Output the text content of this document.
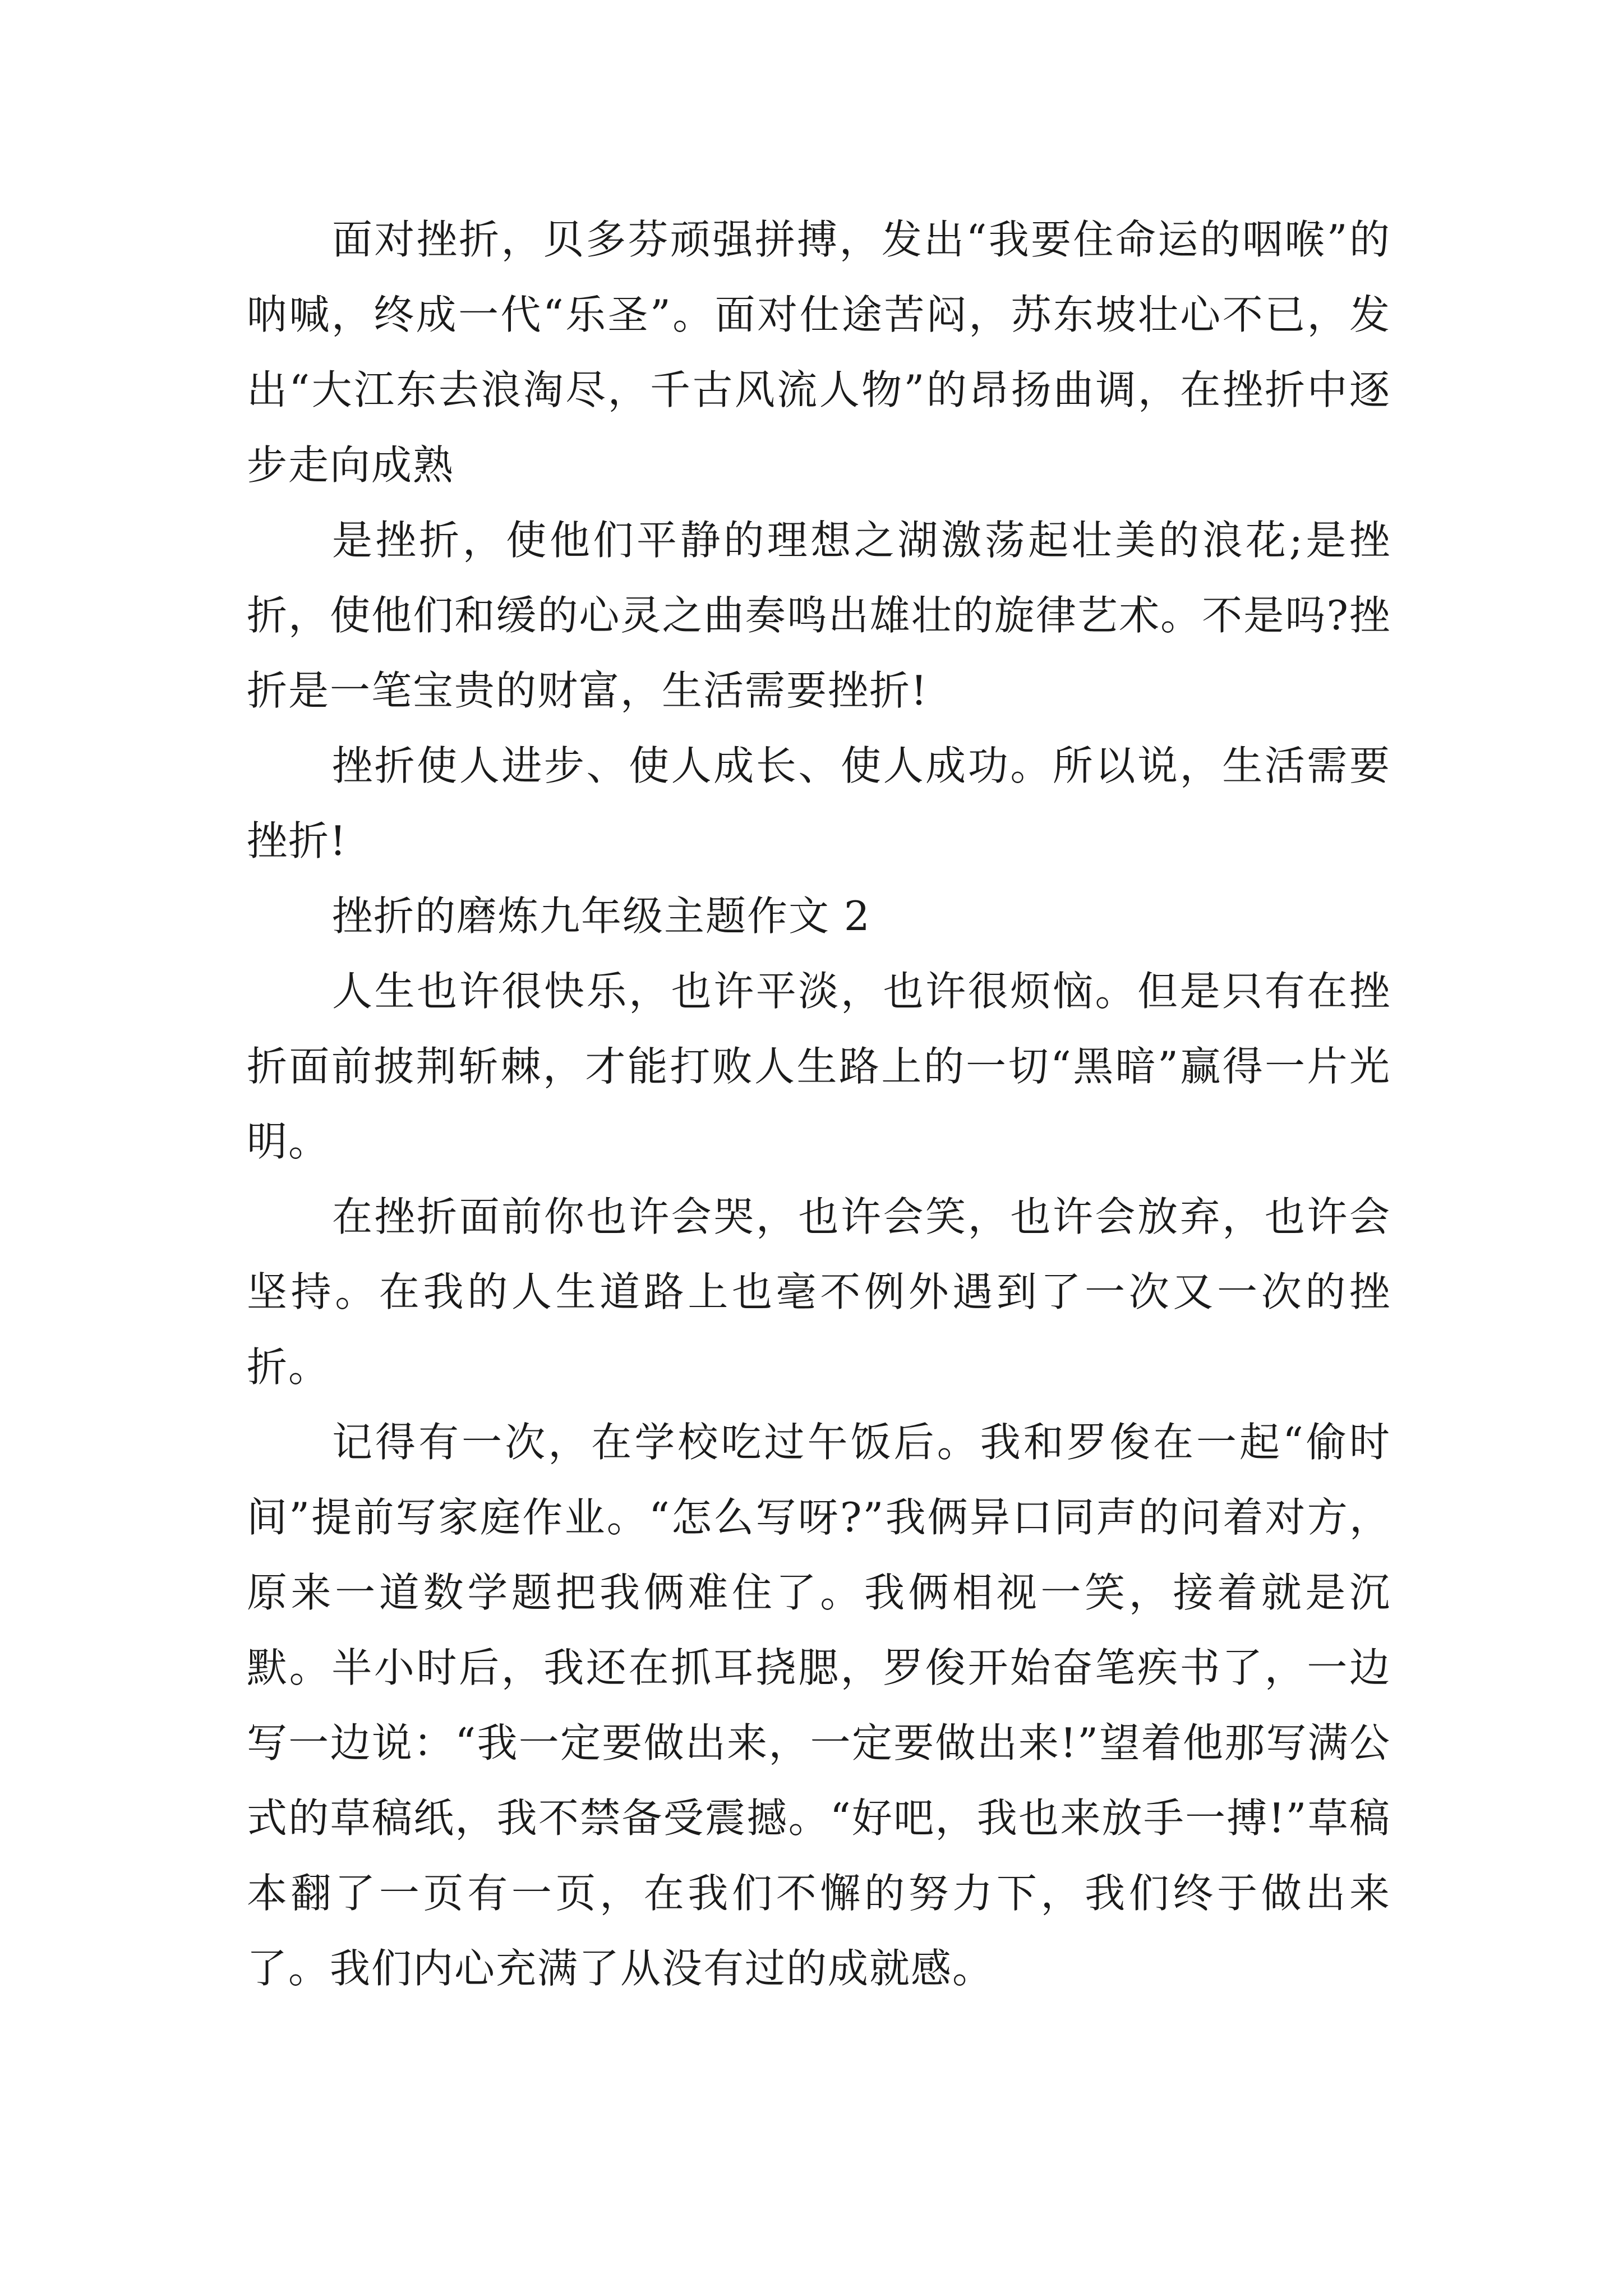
面对挫折，贝多芬顽强拼搏，发出“我要住命运的咽喉”的呐喊，终成一代“乐圣”。面对仕途苦闷，苏东坡壮心不已，发出“大江东去浪淘尽，千古风流人物”的昂扬曲调，在挫折中逐步走向成熟

是挫折，使他们平静的理想之湖激荡起壮美的浪花;是挫折，使他们和缓的心灵之曲奏鸣出雄壮的旋律艺术。不是吗?挫折是一笔宝贵的财富，生活需要挫折!

挫折使人进步、使人成长、使人成功。所以说，生活需要挫折!

挫折的磨炼九年级主题作文 2

人生也许很快乐，也许平淡，也许很烦恼。但是只有在挫折面前披荆斩棘，才能打败人生路上的一切“黑暗”赢得一片光明。

在挫折面前你也许会哭，也许会笑，也许会放弃，也许会坚持。在我的人生道路上也毫不例外遇到了一次又一次的挫折。

记得有一次，在学校吃过午饭后。我和罗俊在一起“偷时间”提前写家庭作业。“怎么写呀?”我俩异口同声的问着对方，原来一道数学题把我俩难住了。我俩相视一笑，接着就是沉默。半小时后，我还在抓耳挠腮，罗俊开始奋笔疾书了，一边写一边说：“我一定要做出来，一定要做出来!”望着他那写满公式的草稿纸，我不禁备受震撼。“好吧，我也来放手一搏!”草稿本翻了一页有一页，在我们不懈的努力下，我们终于做出来了。我们内心充满了从没有过的成就感。
